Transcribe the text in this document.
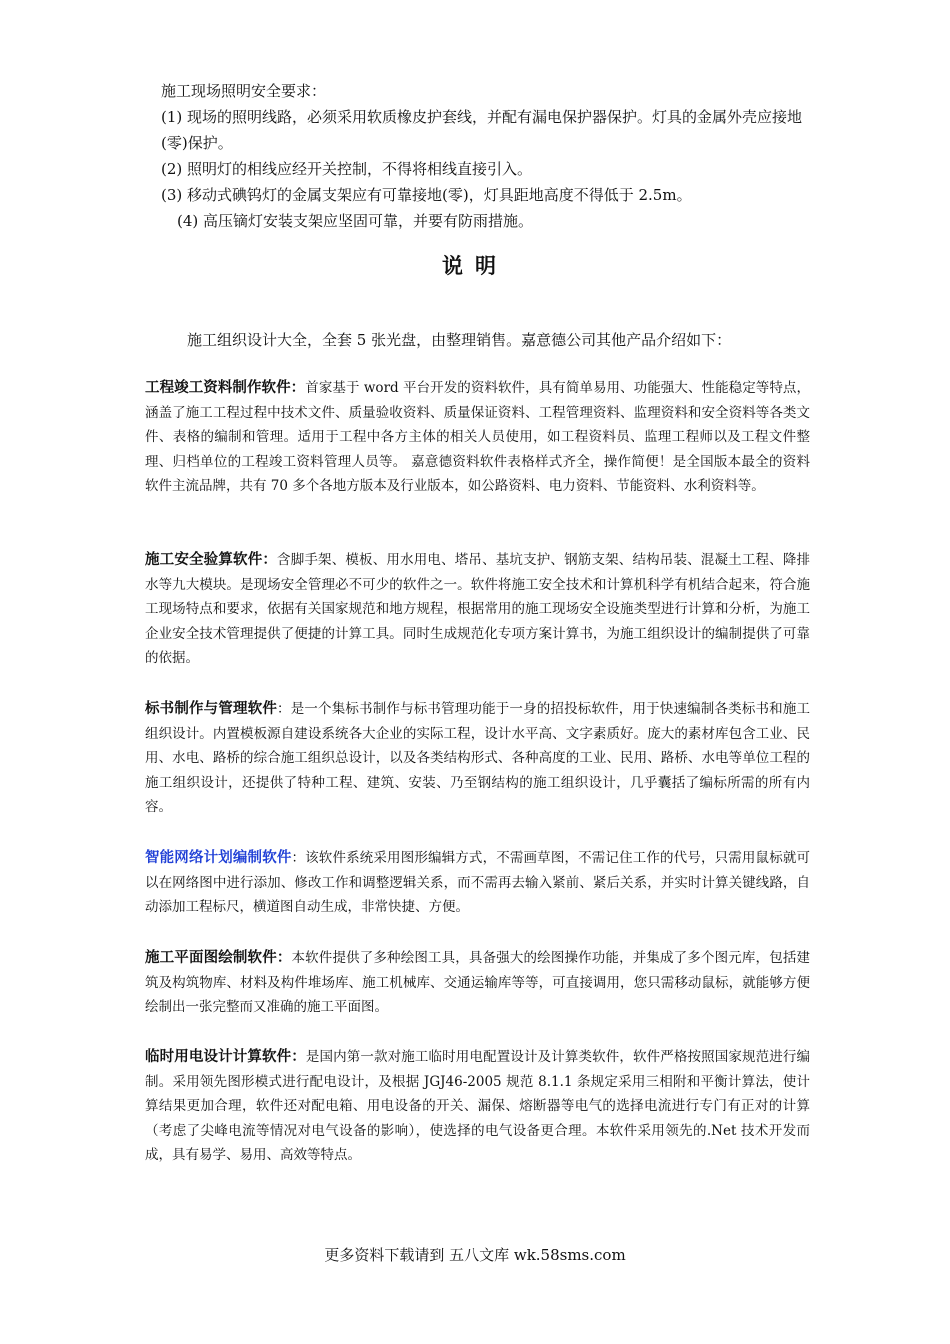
施工现场照明安全要求：

(1) 现场的照明线路，必须采用软质橡皮护套线，并配有漏电保护器保护。灯具的金属外壳应接地(零)保护。

(2) 照明灯的相线应经开关控制，不得将相线直接引入。

(3) 移动式碘钨灯的金属支架应有可靠接地(零)，灯具距地高度不得低于 2.5m。

(4) 高压镝灯安装支架应坚固可靠，并要有防雨措施。

说明

施工组织设计大全，全套 5 张光盘，由整理销售。嘉意德公司其他产品介绍如下：

工程竣工资料制作软件：首家基于 word 平台开发的资料软件，具有简单易用、功能强大、性能稳定等特点，涵盖了施工工程过程中技术文件、质量验收资料、质量保证资料、工程管理资料、监理资料和安全资料等各类文件、表格的编制和管理。适用于工程中各方主体的相关人员使用，如工程资料员、监理工程师以及工程文件整理、归档单位的工程竣工资料管理人员等。 嘉意德资料软件表格样式齐全，操作简便！是全国版本最全的资料软件主流品牌，共有 70 多个各地方版本及行业版本，如公路资料、电力资料、节能资料、水利资料等。

施工安全验算软件：含脚手架、模板、用水用电、塔吊、基坑支护、钢筋支架、结构吊装、混凝土工程、降排水等九大模块。是现场安全管理必不可少的软件之一。软件将施工安全技术和计算机科学有机结合起来，符合施工现场特点和要求，依据有关国家规范和地方规程，根据常用的施工现场安全设施类型进行计算和分析，为施工企业安全技术管理提供了便捷的计算工具。同时生成规范化专项方案计算书，为施工组织设计的编制提供了可靠的依据。

标书制作与管理软件：是一个集标书制作与标书管理功能于一身的招投标软件，用于快速编制各类标书和施工组织设计。内置模板源自建设系统各大企业的实际工程，设计水平高、文字素质好。庞大的素材库包含工业、民用、水电、路桥的综合施工组织总设计，以及各类结构形式、各种高度的工业、民用、路桥、水电等单位工程的施工组织设计，还提供了特种工程、建筑、安装、乃至钢结构的施工组织设计，几乎囊括了编标所需的所有内容。

智能网络计划编制软件：该软件系统采用图形编辑方式，不需画草图，不需记住工作的代号，只需用鼠标就可以在网络图中进行添加、修改工作和调整逻辑关系，而不需再去输入紧前、紧后关系，并实时计算关键线路，自动添加工程标尺，横道图自动生成，非常快捷、方便。

施工平面图绘制软件：本软件提供了多种绘图工具，具备强大的绘图操作功能，并集成了多个图元库，包括建筑及构筑物库、材料及构件堆场库、施工机械库、交通运输库等等，可直接调用，您只需移动鼠标，就能够方便绘制出一张完整而又准确的施工平面图。

临时用电设计计算软件：是国内第一款对施工临时用电配置设计及计算类软件，软件严格按照国家规范进行编制。采用领先图形模式进行配电设计，及根据 JGJ46-2005 规范 8.1.1 条规定采用三相附和平衡计算法，使计算结果更加合理，软件还对配电箱、用电设备的开关、漏保、熔断器等电气的选择电流进行专门有正对的计算（考虑了尖峰电流等情况对电气设备的影响），使选择的电气设备更合理。本软件采用领先的.Net 技术开发而成，具有易学、易用、高效等特点。

更多资料下载请到 五八文库 wk.58sms.com
